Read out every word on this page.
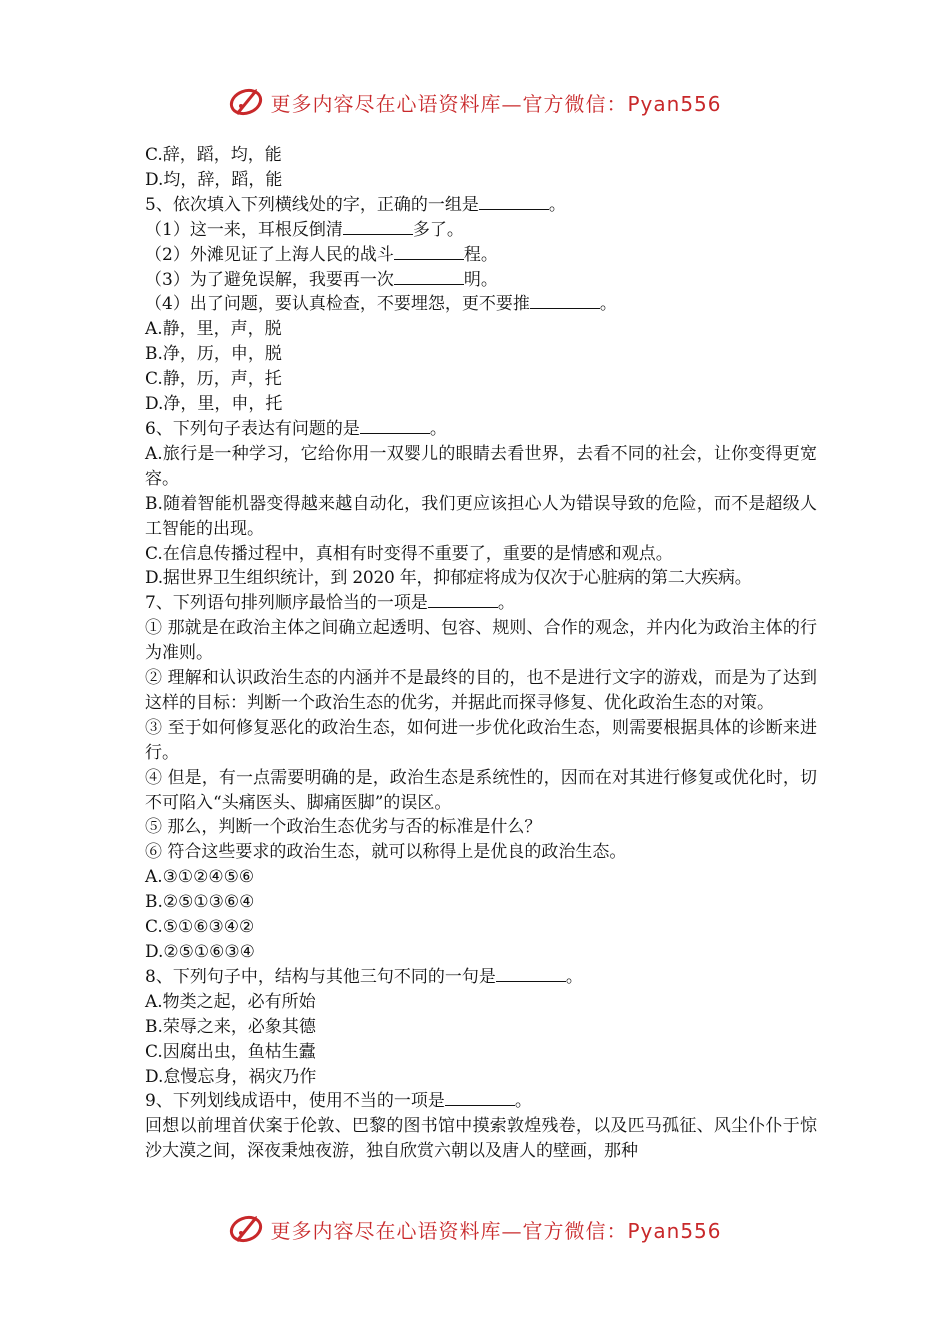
更多内容尽在心语资料库—官方微信：Pyan556
C.辞，蹈，均，能
D.均，辞，蹈，能
5、依次填入下列横线处的字，正确的一组是	。
（1）这一来，耳根反倒清	多了。
（2）外滩见证了上海人民的战斗	程。
（3）为了避免误解，我要再一次	明。
（4）出了问题，要认真检查，不要埋怨，更不要推	。
A.静，里，声，脱
B.净，历，申，脱
C.静，历，声，托
D.净，里，申，托
6、下列句子表达有问题的是	。
A.旅行是一种学习，它给你用一双婴儿的眼睛去看世界，去看不同的社会，让你变得更宽容。
B.随着智能机器变得越来越自动化，我们更应该担心人为错误导致的危险，而不是超级人工智能的出现。
C.在信息传播过程中，真相有时变得不重要了，重要的是情感和观点。
D.据世界卫生组织统计，到 2020 年，抑郁症将成为仅次于心脏病的第二大疾病。
7、下列语句排列顺序最恰当的一项是	。
① 那就是在政治主体之间确立起透明、包容、规则、合作的观念，并内化为政治主体的行为准则。
② 理解和认识政治生态的内涵并不是最终的目的，也不是进行文字的游戏，而是为了达到这样的目标：判断一个政治生态的优劣，并据此而探寻修复、优化政治生态的对策。
③ 至于如何修复恶化的政治生态，如何进一步优化政治生态，则需要根据具体的诊断来进行。
④ 但是，有一点需要明确的是，政治生态是系统性的，因而在对其进行修复或优化时，切不可陷入“头痛医头、脚痛医脚”的误区。
⑤ 那么，判断一个政治生态优劣与否的标准是什么？
⑥ 符合这些要求的政治生态，就可以称得上是优良的政治生态。
A.③①②④⑤⑥
B.②⑤①③⑥④
C.⑤①⑥③④②
D.②⑤①⑥③④
8、下列句子中，结构与其他三句不同的一句是	。
A.物类之起，必有所始
B.荣辱之来，必象其德
C.因腐出虫，鱼枯生蠹
D.怠慢忘身，祸灾乃作
9、下列划线成语中，使用不当的一项是	。
回想以前埋首伏案于伦敦、巴黎的图书馆中摸索敦煌残卷，以及匹马孤征、风尘仆仆于惊沙大漠之间，深夜秉烛夜游，独自欣赏六朝以及唐人的壁画，那种
更多内容尽在心语资料库—官方微信：Pyan556
